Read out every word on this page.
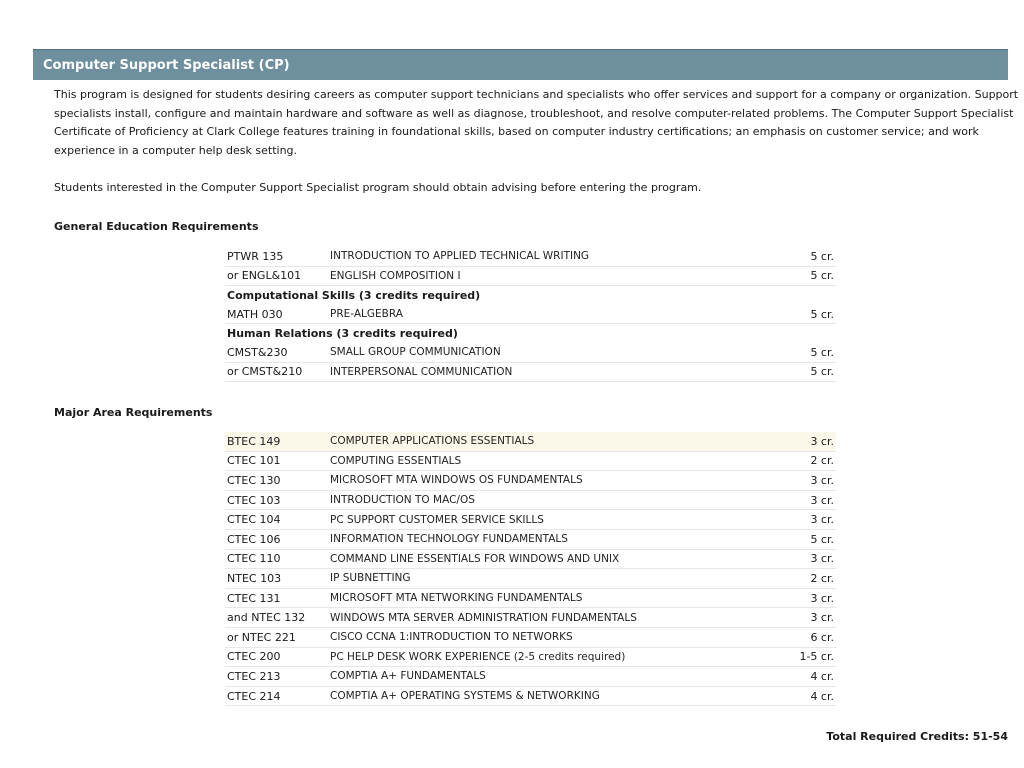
Computer Support Specialist (CP)

This program is designed for students desiring careers as computer support technicians and specialists who offer services and support for a company or organization. Support specialists install, configure and maintain hardware and software as well as diagnose, troubleshoot, and resolve computer-related problems. The Computer Support Specialist Certificate of Proficiency at Clark College features training in foundational skills, based on computer industry certifications; an emphasis on customer service; and work experience in a computer help desk setting.

Students interested in the Computer Support Specialist program should obtain advising before entering the program.

General Education Requirements
PTWR 135	INTRODUCTION TO APPLIED TECHNICAL WRITING	5 cr.
or ENGL&101	ENGLISH COMPOSITION I	5 cr.
Computational Skills (3 credits required)		
MATH 030	PRE-ALGEBRA	5 cr.
Human Relations (3 credits required)		
CMST&230	SMALL GROUP COMMUNICATION	5 cr.
or CMST&210	INTERPERSONAL COMMUNICATION	5 cr.
Major Area Requirements
BTEC 149	COMPUTER APPLICATIONS ESSENTIALS	3 cr.
CTEC 101	COMPUTING ESSENTIALS	2 cr.
CTEC 130	MICROSOFT MTA WINDOWS OS FUNDAMENTALS	3 cr.
CTEC 103	INTRODUCTION TO MAC/OS	3 cr.
CTEC 104	PC SUPPORT CUSTOMER SERVICE SKILLS	3 cr.
CTEC 106	INFORMATION TECHNOLOGY FUNDAMENTALS	5 cr.
CTEC 110	COMMAND LINE ESSENTIALS FOR WINDOWS AND UNIX	3 cr.
NTEC 103	IP SUBNETTING	2 cr.
CTEC 131	MICROSOFT MTA NETWORKING FUNDAMENTALS	3 cr.
and NTEC 132	WINDOWS MTA SERVER ADMINISTRATION FUNDAMENTALS	3 cr.
or NTEC 221	CISCO CCNA 1:INTRODUCTION TO NETWORKS	6 cr.
CTEC 200	PC HELP DESK WORK EXPERIENCE (2-5 credits required)	1-5 cr.
CTEC 213	COMPTIA A+ FUNDAMENTALS	4 cr.
CTEC 214	COMPTIA A+ OPERATING SYSTEMS & NETWORKING	4 cr.

Total Required Credits: 51-54
